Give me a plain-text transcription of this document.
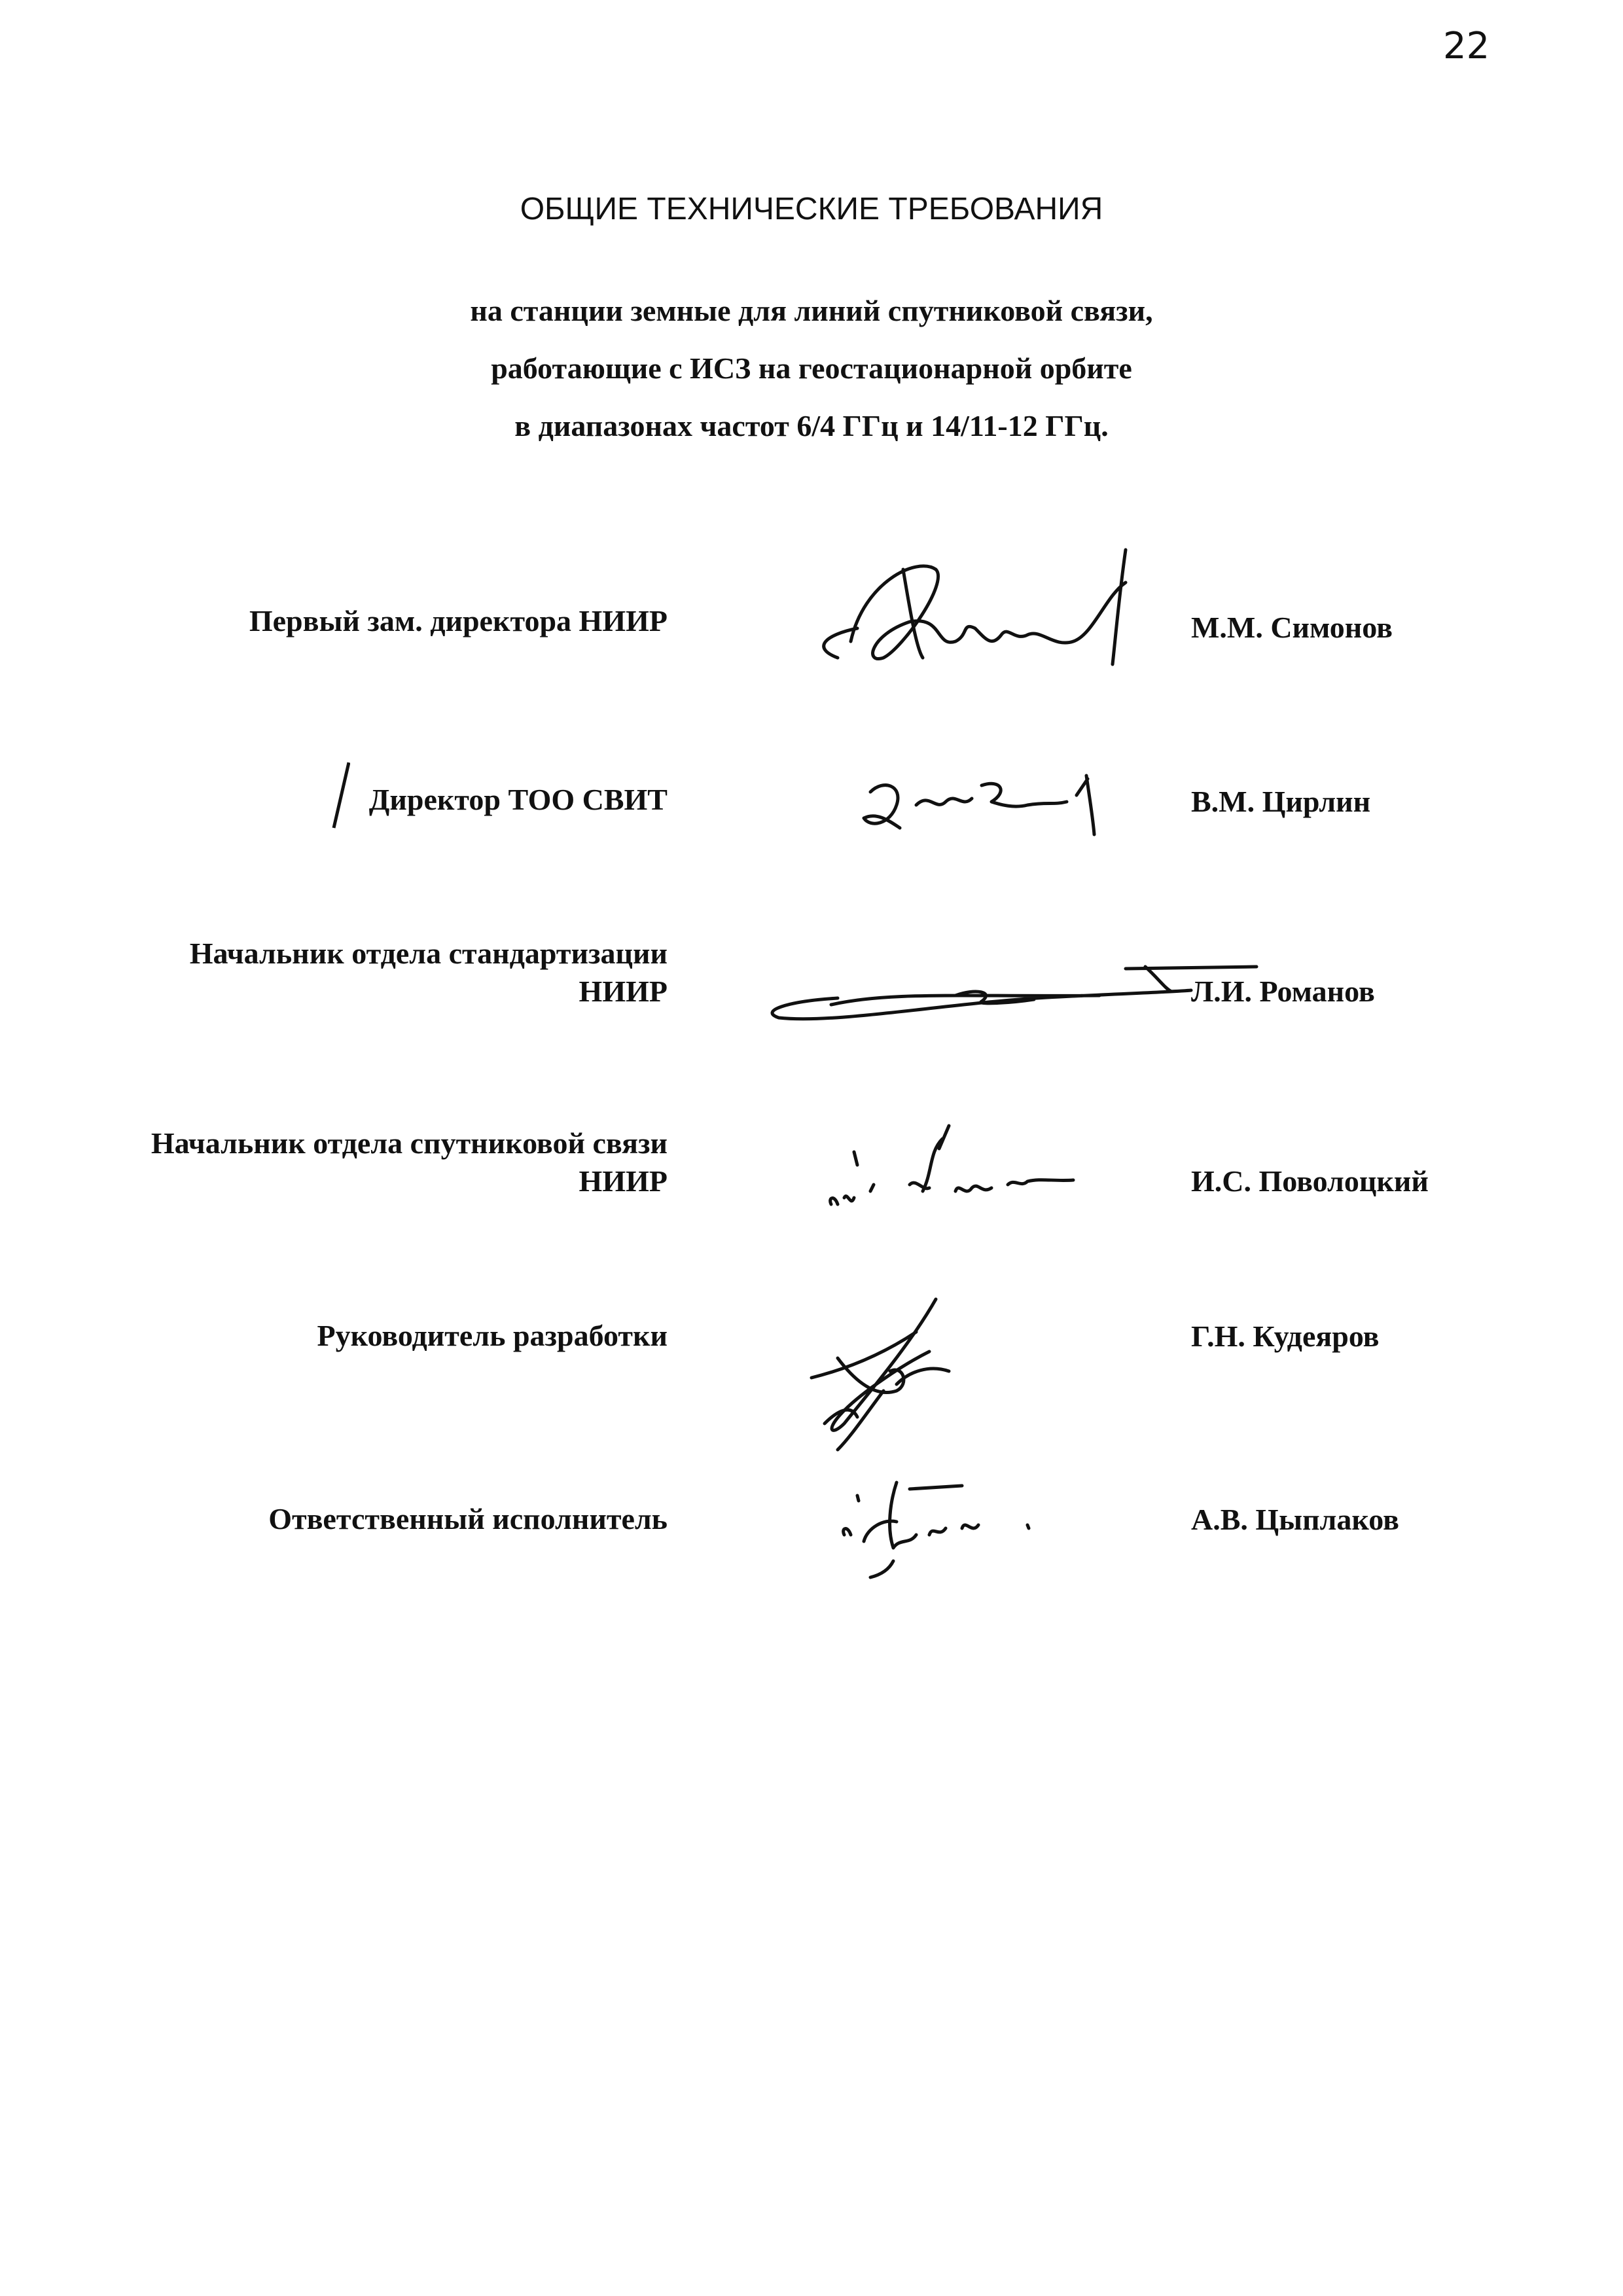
22
ОБЩИЕ ТЕХНИЧЕСКИЕ ТРЕБОВАНИЯ
на станции земные для линий спутниковой связи,
работающие с ИСЗ на геостационарной орбите
в диапазонах частот 6/4 ГГц и 14/11-12 ГГц.
Первый зам. директора НИИР	М.М. Симонов
Директор ТОО СВИТ	В.М. Цирлин
Начальник отдела стандартизации
НИИР	Л.И. Романов
Начальник отдела спутниковой связи
НИИР	И.С. Поволоцкий
Руководитель разработки	Г.Н. Кудеяров
Ответственный исполнитель	А.В. Цыплаков
